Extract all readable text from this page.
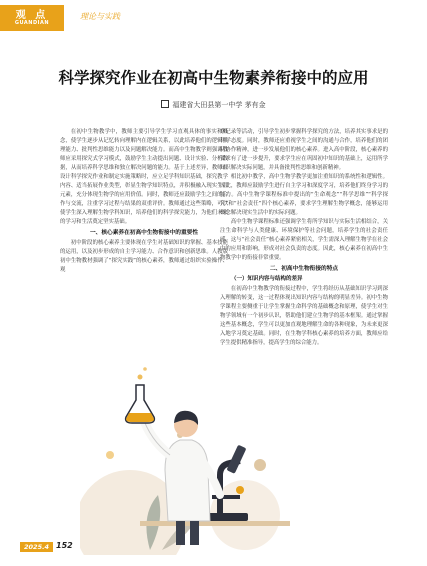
观 点
GUANDIAN
理论与实践
科学探究作业在初高中生物素养衔接中的应用
福建省大田县第一中学 茅有金

在初中生物教学中，教师主要引导学生学习直观具体的事实和概念，使学生逐步从记忆转向理解内在逻辑关系，以此培养他们的逻辑推理能力、批判性思维能力以及问题解决能力。而高中生物教学则强调教师应采用探究式学习模式，鼓励学生主动提出问题、设计实验、分析数据，从而培养科学思维和独立解决问题的能力。基于上述差异，教师在设计科学探究作业和制定实施策略时，应立足学科知识基础，探究教学内容、适当拓展作业类型，彰显生物学知识特点，并积极融入现实生活元素，充分体现生物学的应用价值。同时，教师还应鼓励学生之间的合作与交流，注重学习过程与结果的双重评价。教师通过这些策略，可以使学生深入理解生物学科知识，培养他们的科学探究能力，为他们未来的学习和生活奠定坚实基础。

一、核心素养在初高中生物衔接中的重要性

初中阶段的核心素养主要体现在学生对基础知识的掌握、基本技能的运用，以及初步形成的自主学习能力、合作意识和创新思维。人教版初中生物教材强调了“探究实践”的核心素养，教师通过组织实验操作、观

察记录等活动，引导学生初步掌握科学探究的方法，培养其实事求是的科学态度。同时，教师还应重视学生之间的沟通与合作，培养他们的团队协作精神，进一步发展他们的核心素养。进入高中阶段，核心素养的要求有了进一步提升，要求学生应在巩固初中知识的基础上，运用所学知识解决实际问题，并具备批判性思维和创新精神。

相比初中教学，高中生物学教学更加注重知识的系统性和逻辑性。因此，教师应鼓励学生进行自主学习和深度学习，培养他们终身学习的能力。高中生物学课程标准中提出的“生命观念”“科学思维”“科学探究”和“社会责任”四个核心素养，要求学生理解生物学概念，能够运用概念解决现实生活中的实际问题。

高中生物学课程标准还强调学生将所学知识与实际生活相结合，关注生命科学与人类健康、环境保护等社会问题，培养学生的社会责任感。这与“社会责任”核心素养紧密相关，学生需深入理解生物学在社会中的应用和影响，形成对社会负责的态度。因此，核心素养在初高中生物教学中的衔接非常重要。

二、初高中生物衔接的特点
（一）知识内容与结构的差异

在初高中生物教学的衔接过程中，学生将经历从基础知识学习到深入理解的转变，这一过程体现出知识内容与结构的明显差异。初中生物学课程主要侧重于让学生掌握生命科学的基础概念和原理，使学生对生物学领域有一个初步认识，帮助他们建立生物学的基本框架。通过掌握这些基本概念，学生可以更加直观地理解生命的各种现象，为未来更深入地学习奠定基础。同时，在生物学科核心素养的培养方面，教师应给学生提供精准指导，提高学生的综合能力。

2025.4 152
